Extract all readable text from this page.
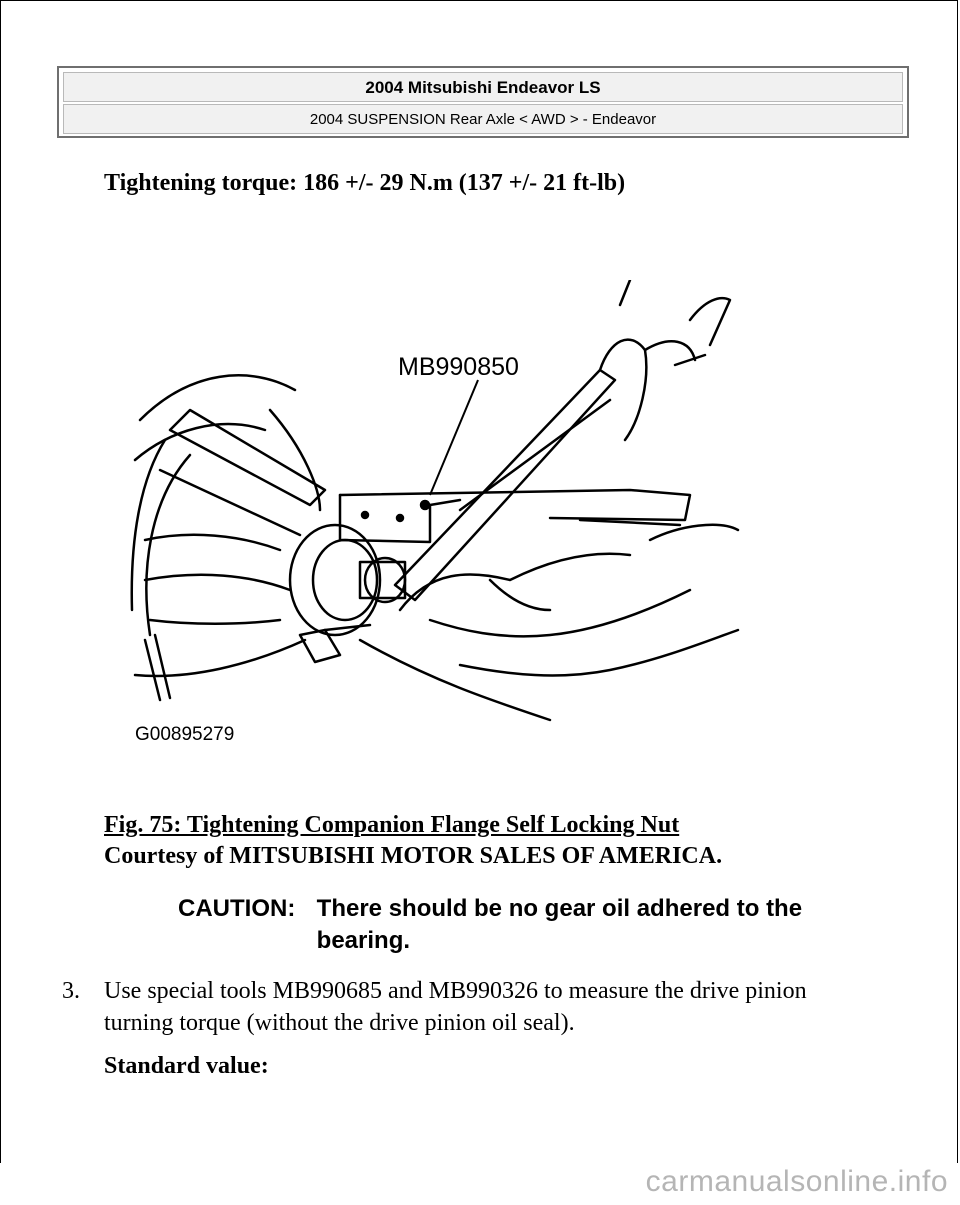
2004 Mitsubishi Endeavor LS
2004 SUSPENSION Rear Axle < AWD > - Endeavor
Tightening torque: 186 +/- 29 N.m (137 +/- 21 ft-lb)
MB990850
G00895279
Fig. 75: Tightening Companion Flange Self Locking Nut
Courtesy of MITSUBISHI MOTOR SALES OF AMERICA.
CAUTION: There should be no gear oil adhered to the bearing.
3. Use special tools MB990685 and MB990326 to measure the drive pinion turning torque (without the drive pinion oil seal).
Standard value:
carmanualsonline.info
